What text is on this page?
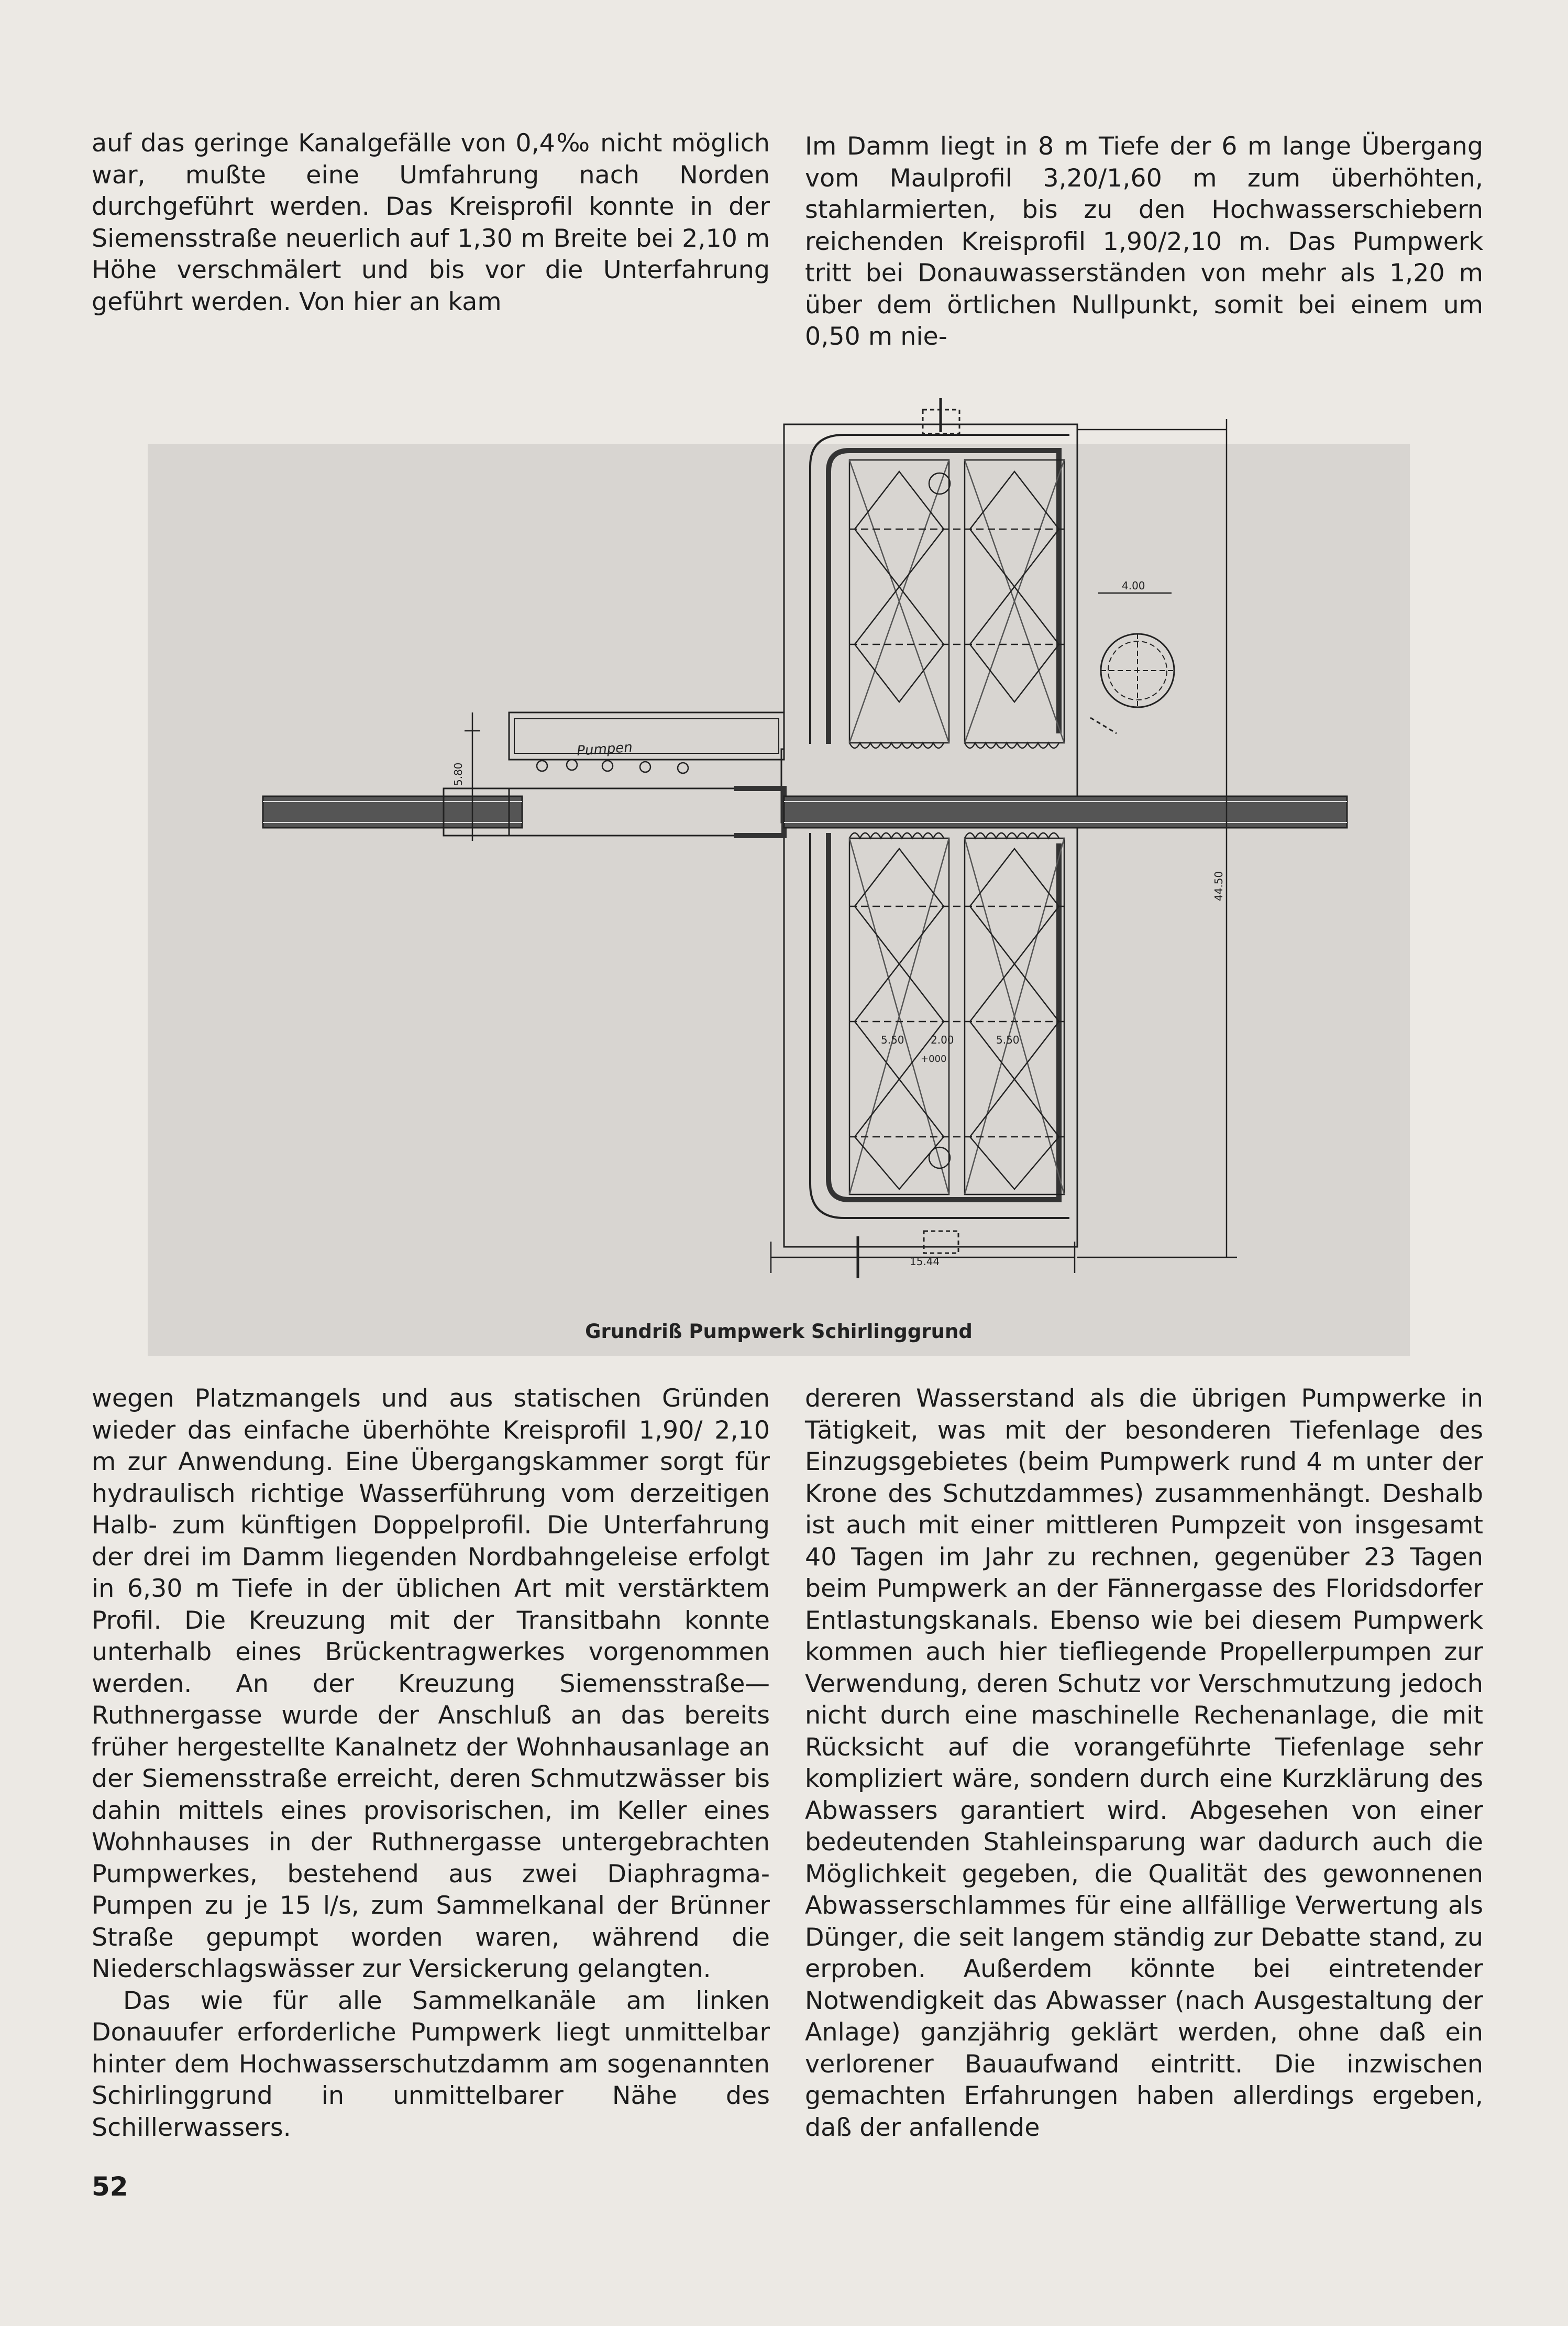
auf das geringe Kanalgefälle von 0,4‰ nicht möglich war, mußte eine Umfahrung nach Norden durchgeführt werden. Das Kreisprofil konnte in der Siemensstraße neuerlich auf 1,30 m Breite bei 2,10 m Höhe verschmälert und bis vor die Unterfahrung geführt werden. Von hier an kam

Im Damm liegt in 8 m Tiefe der 6 m lange Übergang vom Maulprofil 3,20/1,60 m zum überhöhten, stahlarmierten, bis zu den Hochwasserschiebern reichenden Kreisprofil 1,90/2,10 m. Das Pumpwerk tritt bei Donauwasserständen von mehr als 1,20 m über dem örtlichen Nullpunkt, somit bei einem um 0,50 m nie-

Pumpen
5.80
4.00
44.50
15.44
5.50	2.00	5.50
+000
Grundriß Pumpwerk Schirlinggrund

wegen Platzmangels und aus statischen Gründen wieder das einfache überhöhte Kreisprofil 1,90/ 2,10 m zur Anwendung. Eine Übergangskammer sorgt für hydraulisch richtige Wasserführung vom derzeitigen Halb- zum künftigen Doppelprofil. Die Unterfahrung der drei im Damm liegenden Nordbahngeleise erfolgt in 6,30 m Tiefe in der üblichen Art mit verstärktem Profil. Die Kreuzung mit der Transitbahn konnte unterhalb eines Brückentragwerkes vorgenommen werden. An der Kreuzung Siemensstraße—Ruthnergasse wurde der Anschluß an das bereits früher hergestellte Kanalnetz der Wohnhausanlage an der Siemensstraße erreicht, deren Schmutzwässer bis dahin mittels eines provisorischen, im Keller eines Wohnhauses in der Ruthnergasse untergebrachten Pumpwerkes, bestehend aus zwei Diaphragma-Pumpen zu je 15 l/s, zum Sammelkanal der Brünner Straße gepumpt worden waren, während die Niederschlagswässer zur Versickerung gelangten.

Das wie für alle Sammelkanäle am linken Donauufer erforderliche Pumpwerk liegt unmittelbar hinter dem Hochwasserschutzdamm am sogenannten Schirlinggrund in unmittelbarer Nähe des Schillerwassers.

dereren Wasserstand als die übrigen Pumpwerke in Tätigkeit, was mit der besonderen Tiefenlage des Einzugsgebietes (beim Pumpwerk rund 4 m unter der Krone des Schutzdammes) zusammenhängt. Deshalb ist auch mit einer mittleren Pumpzeit von insgesamt 40 Tagen im Jahr zu rechnen, gegenüber 23 Tagen beim Pumpwerk an der Fännergasse des Floridsdorfer Entlastungskanals. Ebenso wie bei diesem Pumpwerk kommen auch hier tiefliegende Propellerpumpen zur Verwendung, deren Schutz vor Verschmutzung jedoch nicht durch eine maschinelle Rechenanlage, die mit Rücksicht auf die vorangeführte Tiefenlage sehr kompliziert wäre, sondern durch eine Kurzklärung des Abwassers garantiert wird. Abgesehen von einer bedeutenden Stahleinsparung war dadurch auch die Möglichkeit gegeben, die Qualität des gewonnenen Abwasserschlammes für eine allfällige Verwertung als Dünger, die seit langem ständig zur Debatte stand, zu erproben. Außerdem könnte bei eintretender Notwendigkeit das Abwasser (nach Ausgestaltung der Anlage) ganzjährig geklärt werden, ohne daß ein verlorener Bauaufwand eintritt. Die inzwischen gemachten Erfahrungen haben allerdings ergeben, daß der anfallende

52
